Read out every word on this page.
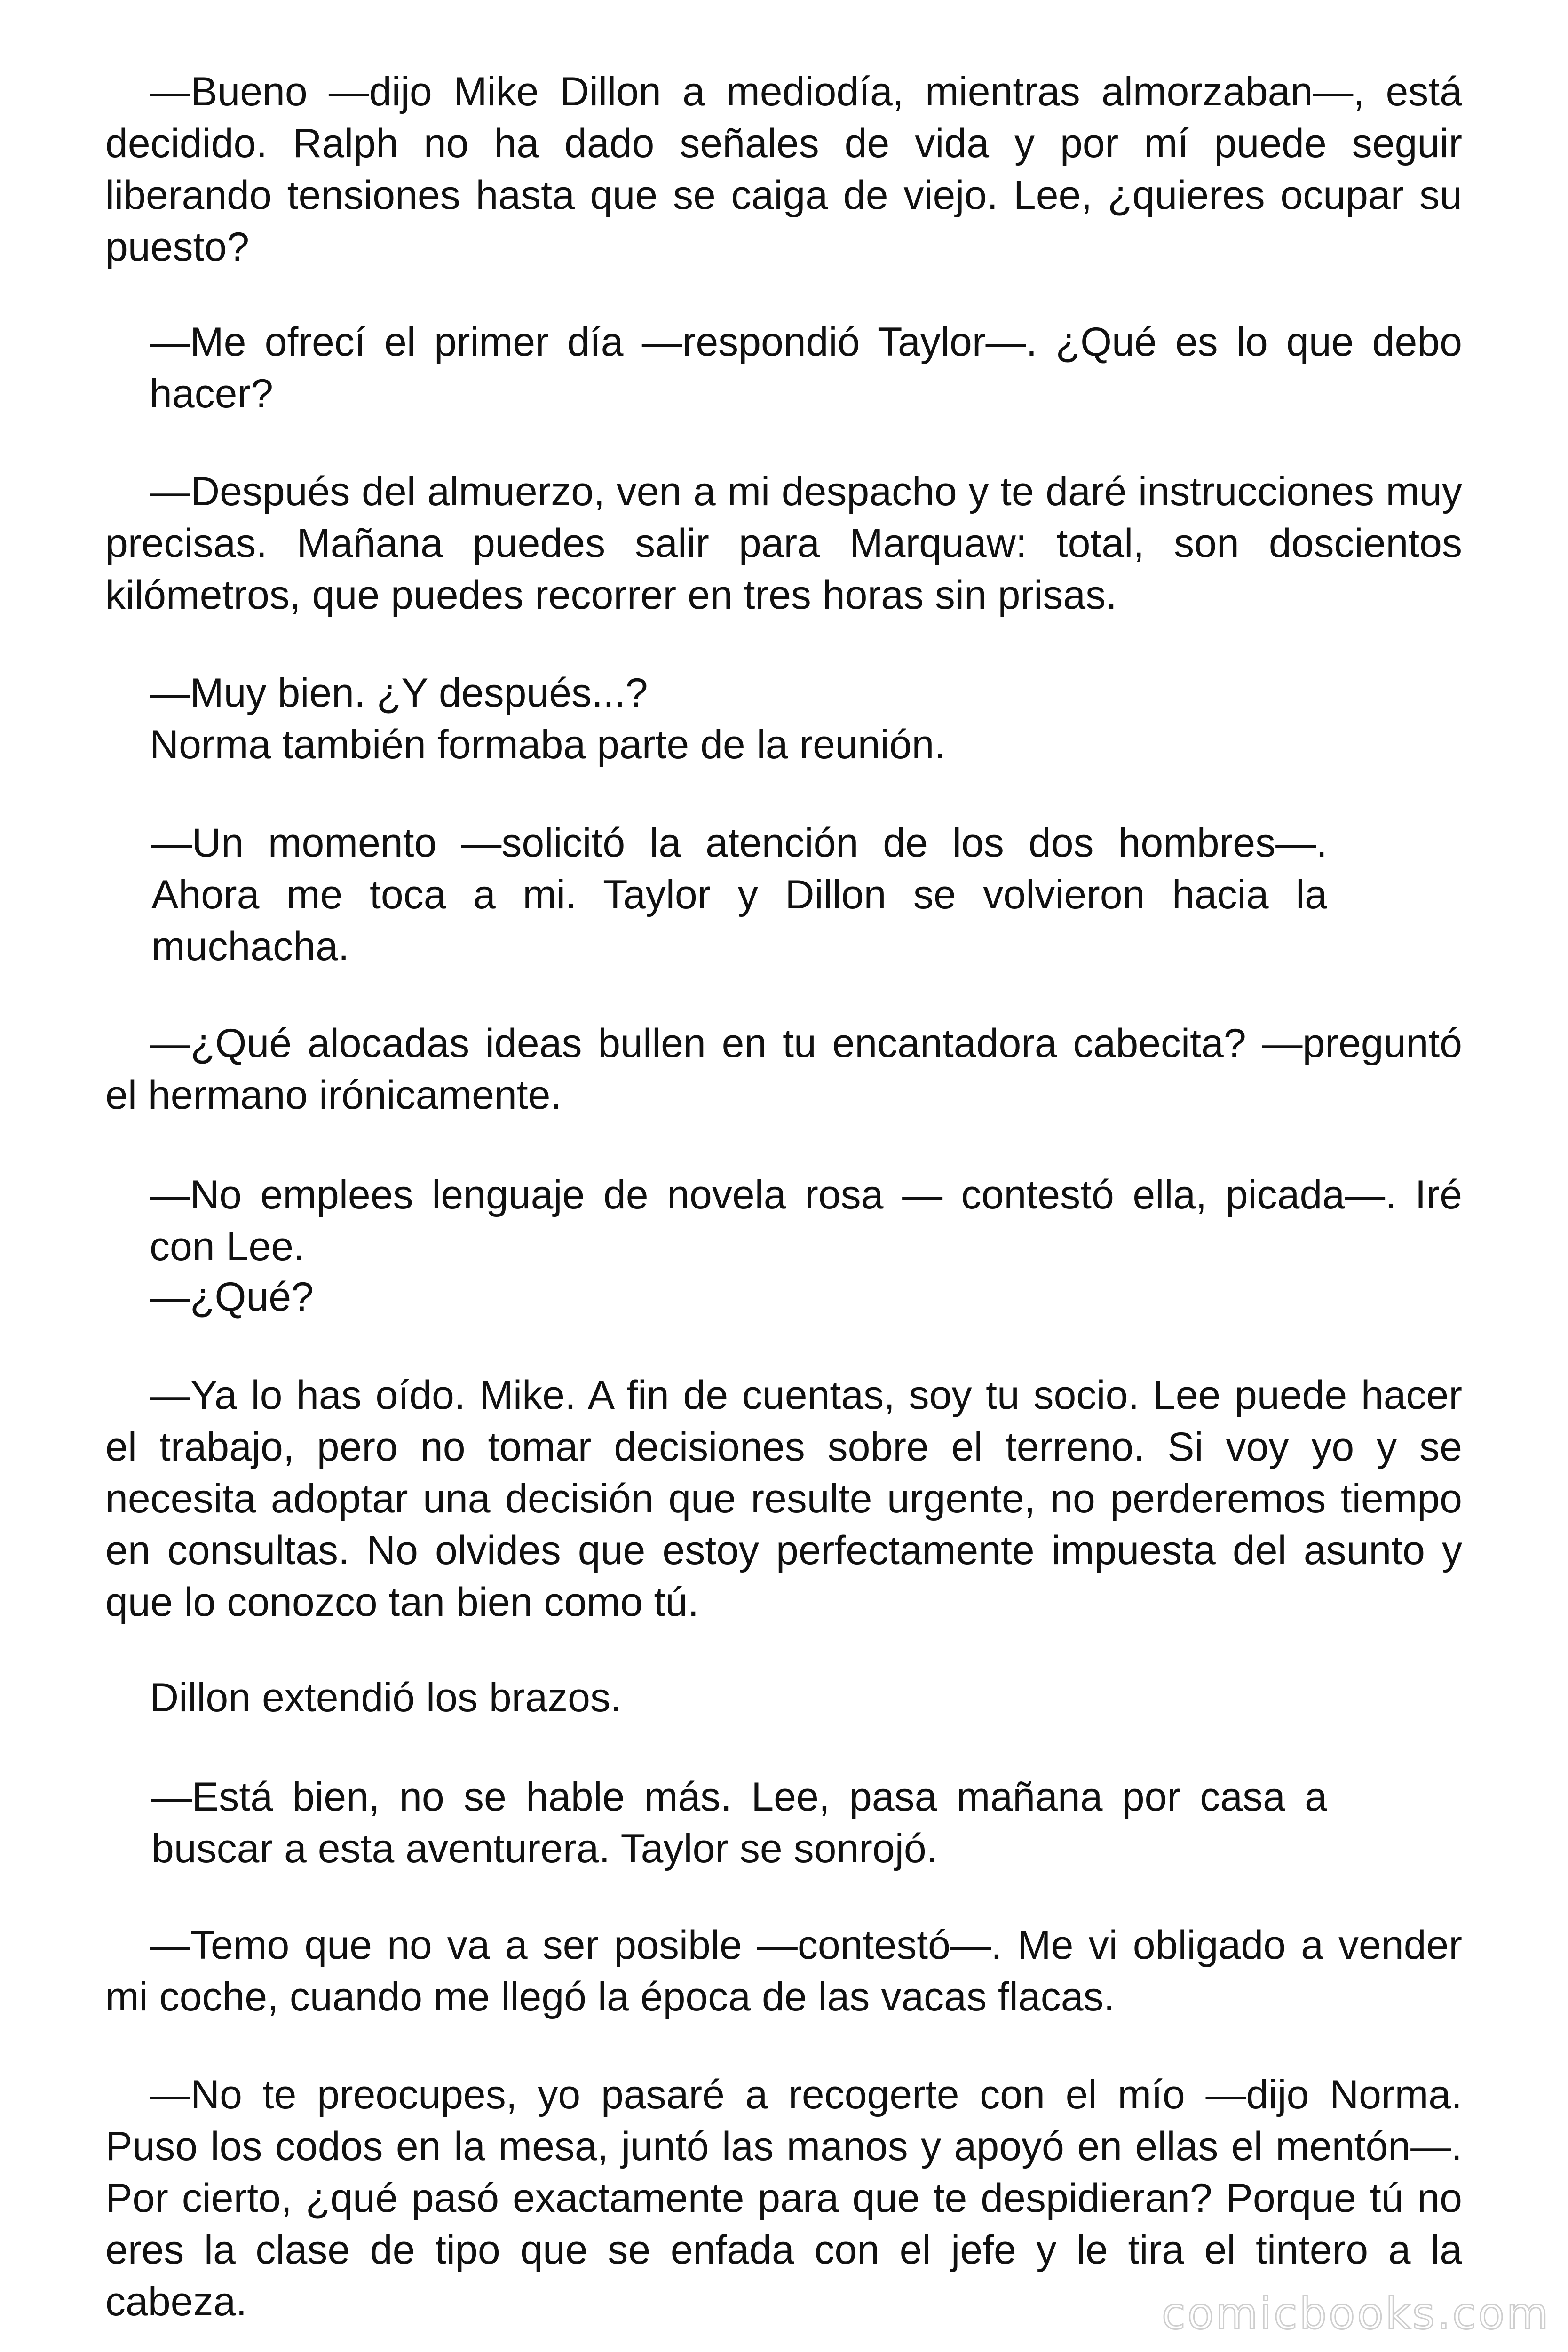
—Bueno —dijo Mike Dillon a mediodía, mientras almorzaban—, está decidido. Ralph no ha dado señales de vida y por mí puede seguir liberando tensiones hasta que se caiga de viejo. Lee, ¿quieres ocupar su puesto?

—Me ofrecí el primer día —respondió Taylor—. ¿Qué es lo que debo hacer?

—Después del almuerzo, ven a mi despacho y te daré instrucciones muy precisas. Mañana puedes salir para Marquaw: total, son doscientos kilómetros, que puedes recorrer en tres horas sin prisas.

—Muy bien. ¿Y después...?

Norma también formaba parte de la reunión.

—Un momento —solicitó la atención de los dos hombres—. Ahora me toca a mi. Taylor y Dillon se volvieron hacia la muchacha.

—¿Qué alocadas ideas bullen en tu encantadora cabecita? —preguntó el hermano irónicamente.

—No emplees lenguaje de novela rosa — contestó ella, picada—. Iré con Lee.

—¿Qué?

—Ya lo has oído. Mike. A fin de cuentas, soy tu socio. Lee puede hacer el trabajo, pero no tomar decisiones sobre el terreno. Si voy yo y se necesita adoptar una decisión que resulte urgente, no perderemos tiempo en consultas. No olvides que estoy perfectamente impuesta del asunto y que lo conozco tan bien como tú.

Dillon extendió los brazos.

—Está bien, no se hable más. Lee, pasa mañana por casa a buscar a esta aventurera. Taylor se sonrojó.

—Temo que no va a ser posible —contestó—. Me vi obligado a vender mi coche, cuando me llegó la época de las vacas flacas.

—No te preocupes, yo pasaré a recogerte con el mío —dijo Norma. Puso los codos en la mesa, juntó las manos y apoyó en ellas el mentón—. Por cierto, ¿qué pasó exactamente para que te despidieran? Porque tú no eres la clase de tipo que se enfada con el jefe y le tira el tintero a la cabeza.	comicbooks.com
